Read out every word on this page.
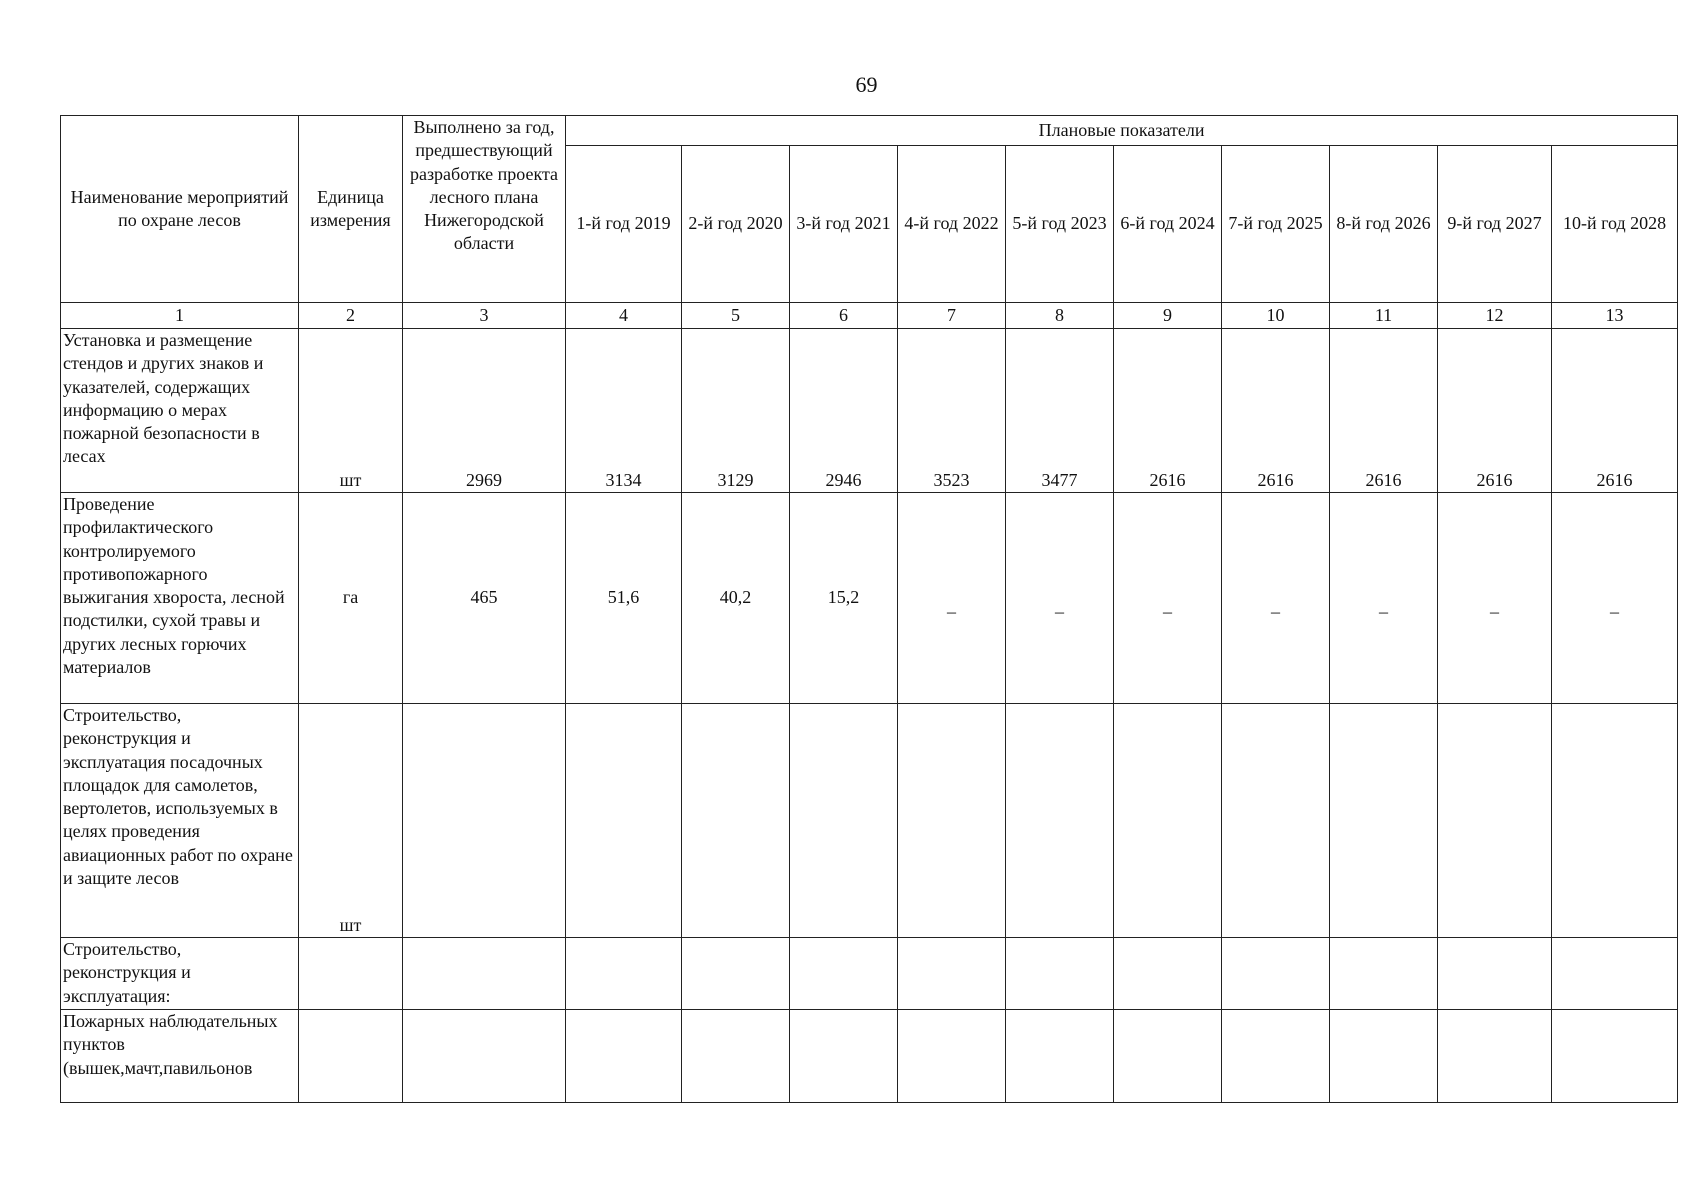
69
Наименование мероприятий по охране лесов	Единица измерения	Выполнено за год, предшествующий разработке проекта лесного плана Нижегородской области	Плановые показатели									
			1-й год 2019	2-й год 2020	3-й год 2021	4-й год 2022	5-й год 2023	6-й год 2024	7-й год 2025	8-й год 2026	9-й год 2027	10-й год 2028
1	2	3	4	5	6	7	8	9	10	11	12	13
Установка и размещение стендов и других знаков и указателей, содержащих информацию о мерах пожарной безопасности в лесах	шт	2969	3134	3129	2946	3523	3477	2616	2616	2616	2616	2616
Проведение профилактического контролируемого противопожарного выжигания хвороста, лесной подстилки, сухой травы и других лесных горючих материалов	га	465	51,6	40,2	15,2	_	_	_	_	_	_	_
Строительство, реконструкция и эксплуатация посадочных площадок для самолетов, вертолетов, используемых в целях проведения авиационных работ по охране и защите лесов	шт											
Строительство, реконструкция и эксплуатация:												
Пожарных наблюдательных пунктов (вышек,мачт,павильонов												
